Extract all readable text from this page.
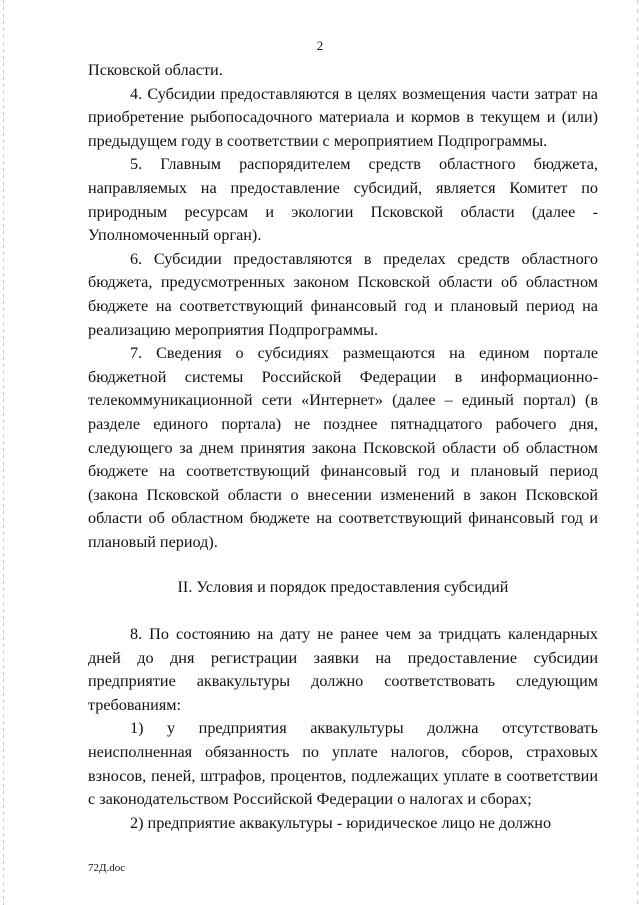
2

Псковской области.

4. Субсидии предоставляются в целях возмещения части затрат на приобретение рыбопосадочного материала и кормов в текущем и (или) предыдущем году в соответствии с мероприятием Подпрограммы.

5. Главным распорядителем средств областного бюджета, направляемых на предоставление субсидий, является Комитет по природным ресурсам и экологии Псковской области (далее - Уполномоченный орган).

6. Субсидии предоставляются в пределах средств областного бюджета, предусмотренных законом Псковской области об областном бюджете на соответствующий финансовый год и плановый период на реализацию мероприятия Подпрограммы.

7. Сведения о субсидиях размещаются на едином портале бюджетной системы Российской Федерации в информационно-телекоммуникационной сети «Интернет» (далее – единый портал) (в разделе единого портала) не позднее пятнадцатого рабочего дня, следующего за днем принятия закона Псковской области об областном бюджете на соответствующий финансовый год и плановый период (закона Псковской области о внесении изменений в закон Псковской области об областном бюджете на соответствующий финансовый год и плановый период).

II. Условия и порядок предоставления субсидий

8. По состоянию на дату не ранее чем за тридцать календарных дней до дня регистрации заявки на предоставление субсидии предприятие аквакультуры должно соответствовать следующим требованиям:

1) у предприятия аквакультуры должна отсутствовать неисполненная обязанность по уплате налогов, сборов, страховых взносов, пеней, штрафов, процентов, подлежащих уплате в соответствии с законодательством Российской Федерации о налогах и сборах;

2) предприятие аквакультуры - юридическое лицо не должно

72Д.doc
